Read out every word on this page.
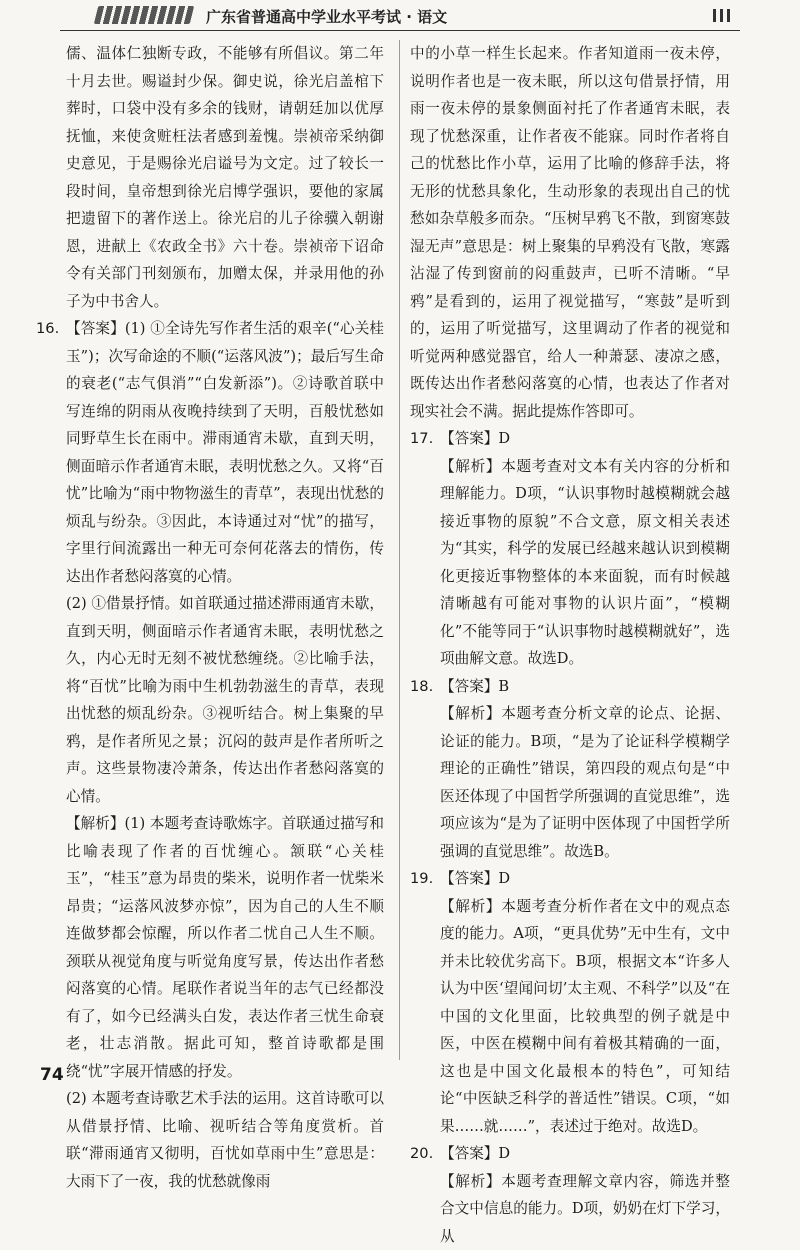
广东省普通高中学业水平考试 · 语文

儒、温体仁独断专政，不能够有所倡议。第二年十月去世。赐谥封少保。御史说，徐光启盖棺下葬时，口袋中没有多余的钱财，请朝廷加以优厚抚恤，来使贪赃枉法者感到羞愧。崇祯帝采纳御史意见，于是赐徐光启谥号为文定。过了较长一段时间，皇帝想到徐光启博学强识，要他的家属把遗留下的著作送上。徐光启的儿子徐骥入朝谢恩，进献上《农政全书》六十卷。崇祯帝下诏命令有关部门刊刻颁布，加赠太保，并录用他的孙子为中书舍人。

16. 【答案】(1) ①全诗先写作者生活的艰辛(“心关桂玉”)；次写命途的不顺(“运落风波”)；最后写生命的衰老(“志气俱消”“白发新添”)。②诗歌首联中写连绵的阴雨从夜晚持续到了天明，百般忧愁如同野草生长在雨中。滞雨通宵未歇，直到天明，侧面暗示作者通宵未眠，表明忧愁之久。又将“百忧”比喻为“雨中物物滋生的青草”，表现出忧愁的烦乱与纷杂。③因此，本诗通过对“忧”的描写，字里行间流露出一种无可奈何花落去的情伤，传达出作者愁闷落寞的心情。

(2) ①借景抒情。如首联通过描述滞雨通宵未歇，直到天明，侧面暗示作者通宵未眠，表明忧愁之久，内心无时无刻不被忧愁缠绕。②比喻手法，将“百忧”比喻为雨中生机勃勃滋生的青草，表现出忧愁的烦乱纷杂。③视听结合。树上集聚的早鸦，是作者所见之景；沉闷的鼓声是作者所听之声。这些景物凄冷萧条，传达出作者愁闷落寞的心情。

【解析】(1) 本题考查诗歌炼字。首联通过描写和比喻表现了作者的百忧缠心。颔联“心关桂玉”，“桂玉”意为昂贵的柴米，说明作者一忧柴米昂贵；“运落风波梦亦惊”，因为自己的人生不顺连做梦都会惊醒，所以作者二忧自己人生不顺。颈联从视觉角度与听觉角度写景，传达出作者愁闷落寞的心情。尾联作者说当年的志气已经都没有了，如今已经满头白发，表达作者三忧生命衰老，壮志消散。据此可知，整首诗歌都是围绕“忧”字展开情感的抒发。

(2) 本题考查诗歌艺术手法的运用。这首诗歌可以从借景抒情、比喻、视听结合等角度赏析。首联“滞雨通宵又彻明，百忧如草雨中生”意思是：大雨下了一夜，我的忧愁就像雨

中的小草一样生长起来。作者知道雨一夜未停，说明作者也是一夜未眠，所以这句借景抒情，用雨一夜未停的景象侧面衬托了作者通宵未眠，表现了忧愁深重，让作者夜不能寐。同时作者将自己的忧愁比作小草，运用了比喻的修辞手法，将无形的忧愁具象化，生动形象的表现出自己的忧愁如杂草般多而杂。“压树早鸦飞不散，到窗寒鼓湿无声”意思是：树上聚集的早鸦没有飞散，寒露沾湿了传到窗前的闷重鼓声，已听不清晰。“早鸦”是看到的，运用了视觉描写，“寒鼓”是听到的，运用了听觉描写，这里调动了作者的视觉和听觉两种感觉器官，给人一种萧瑟、凄凉之感，既传达出作者愁闷落寞的心情，也表达了作者对现实社会不满。据此提炼作答即可。

17. 【答案】D

【解析】本题考查对文本有关内容的分析和理解能力。D项，“认识事物时越模糊就会越接近事物的原貌”不合文意，原文相关表述为“其实，科学的发展已经越来越认识到模糊化更接近事物整体的本来面貌，而有时候越清晰越有可能对事物的认识片面”，“模糊化”不能等同于“认识事物时越模糊就好”，选项曲解文意。故选D。

18. 【答案】B

【解析】本题考查分析文章的论点、论据、论证的能力。B项，“是为了论证科学模糊学理论的正确性”错误，第四段的观点句是“中医还体现了中国哲学所强调的直觉思维”，选项应该为“是为了证明中医体现了中国哲学所强调的直觉思维”。故选B。

19. 【答案】D

【解析】本题考查分析作者在文中的观点态度的能力。A项，“更具优势”无中生有，文中并未比较优劣高下。B项，根据文本“许多人认为中医‘望闻问切’太主观、不科学”以及“在中国的文化里面，比较典型的例子就是中医，中医在模糊中间有着极其精确的一面，这也是中国文化最根本的特色”，可知结论“中医缺乏科学的普适性”错误。C项，“如果……就……”，表述过于绝对。故选D。

20. 【答案】D

【解析】本题考查理解文章内容，筛选并整合文中信息的能力。D项，奶奶在灯下学习，从

74
